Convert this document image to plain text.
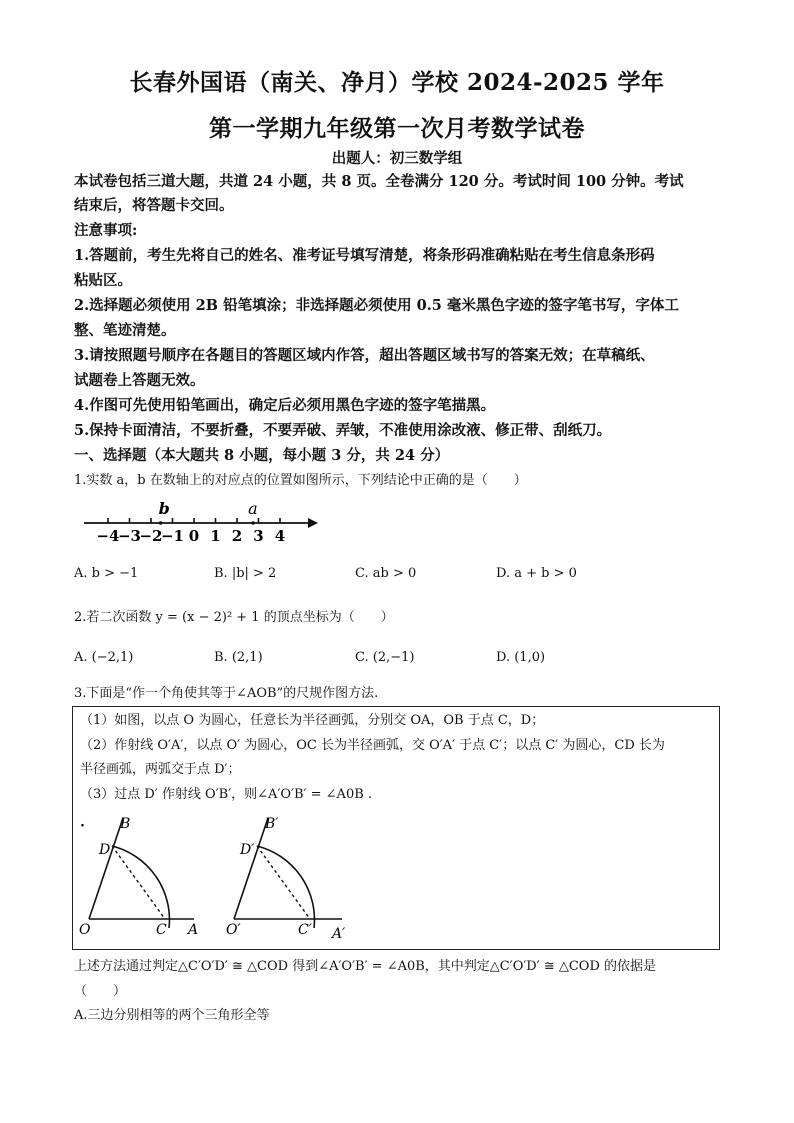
长春外国语（南关、净月）学校 2024-2025 学年
第一学期九年级第一次月考数学试卷
出题人：初三数学组
本试卷包括三道大题，共道 24 小题，共 8 页。全卷满分 120 分。考试时间 100 分钟。考试
结束后，将答题卡交回。
注意事项:
1.答题前，考生先将自己的姓名、准考证号填写清楚，将条形码准确粘贴在考生信息条形码
粘贴区。
2.选择题必须使用 2B 铅笔填涂；非选择题必须使用 0.5 毫米黑色字迹的签字笔书写，字体工
整、笔迹清楚。
3.请按照题号顺序在各题目的答题区域内作答，超出答题区域书写的答案无效；在草稿纸、
试题卷上答题无效。
4.作图可先使用铅笔画出，确定后必须用黑色字迹的签字笔描黑。
5.保持卡面清洁，不要折叠，不要弄破、弄皱，不准使用涂改液、修正带、刮纸刀。
一、选择题（本大题共 8 小题，每小题 3 分，共 24 分）
1.实数 a，b 在数轴上的对应点的位置如图所示，下列结论中正确的是（　　）
−4
−3
−2
−1 0 1 2 3 4
b	a
A. b > −1	B. |b| > 2	C. ab > 0	D. a + b > 0
2.若二次函数 y = (x − 2)² + 1 的顶点坐标为（　　）
A. (−2,1)	B. (2,1)	C. (2,−1)	D. (1,0)
3.下面是“作一个角使其等于∠AOB”的尺规作图方法.
（1）如图，以点 O 为圆心，任意长为半径画弧，分别交 OA，OB 于点 C，D；
（2）作射线 O′A′，以点 O′ 为圆心，OC 长为半径画弧，交 O′A′ 于点 C′；以点 C′ 为圆心，CD 长为
半径画弧，两弧交于点 D′；
（3）过点 D′ 作射线 O′B′，则∠A′O′B′ = ∠A0B .
·	B
D
O	C A
B′
D′
O′	C′ A′
上述方法通过判定△C′O′D′ ≅ △COD 得到∠A′O′B′ = ∠A0B，其中判定△C′O′D′ ≅ △COD 的依据是
（　　）
A.三边分别相等的两个三角形全等
